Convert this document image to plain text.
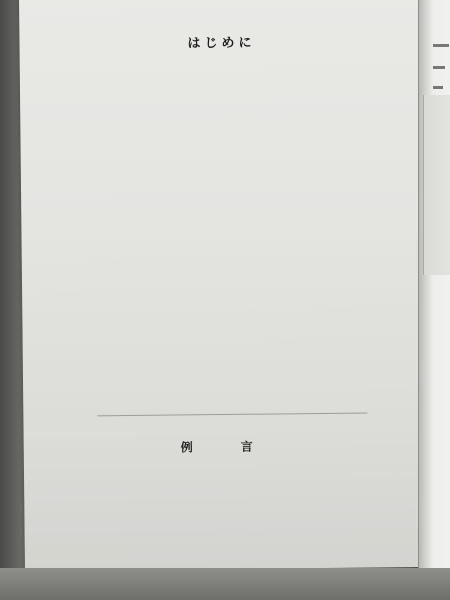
はじめに
例　言
